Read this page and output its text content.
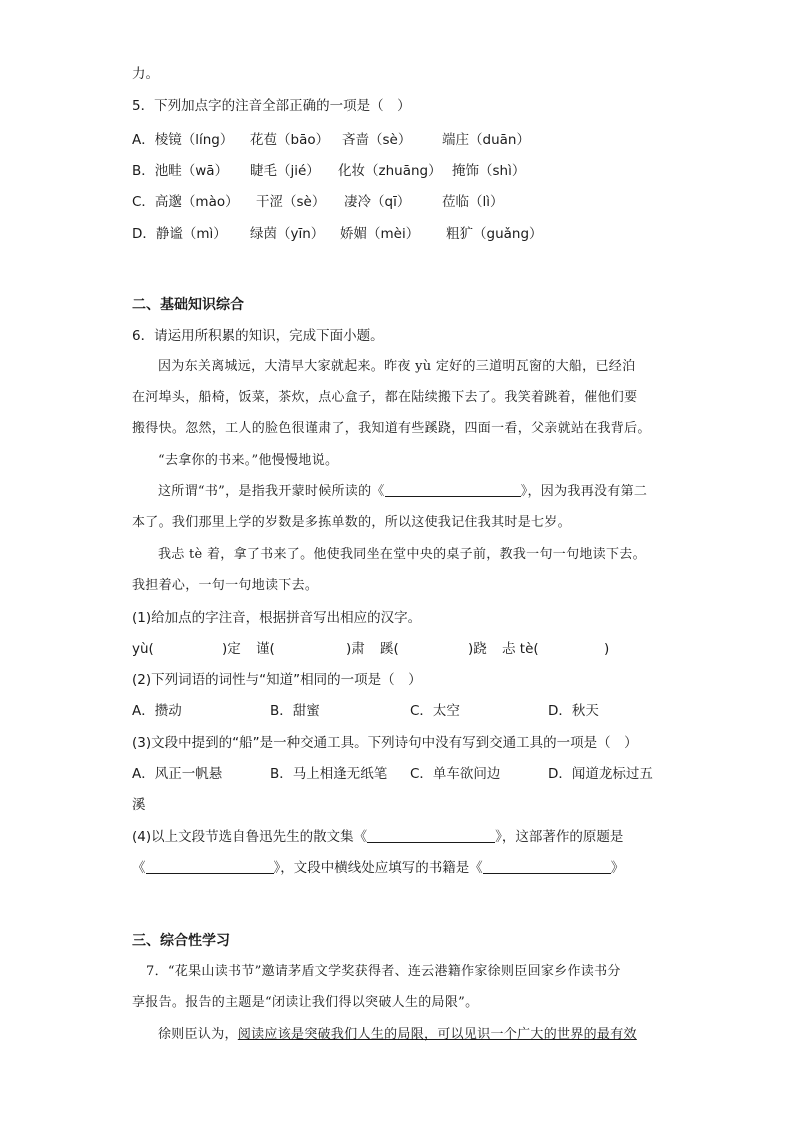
力。
5．下列加点字的注音全部正确的一项是（　）
A．棱镜（líng） 花苞（bāo） 吝啬（sè） 端庄（duān）
B．池畦（wā） 睫毛（jié） 化妆（zhuāng） 掩饰（shì）
C．高邈（mào） 干涩（sè） 凄冷（qī） 莅临（lì）
D．静谧（mì） 绿茵（yīn） 娇媚（mèi） 粗犷（guǎng）
二、基础知识综合
6．请运用所积累的知识，完成下面小题。
因为东关离城远，大清早大家就起来。昨夜 yù 定好的三道明瓦窗的大船，已经泊
在河埠头，船椅，饭菜，茶炊，点心盒子，都在陆续搬下去了。我笑着跳着，催他们要
搬得快。忽然，工人的脸色很谨肃了，我知道有些蹊跷，四面一看，父亲就站在我背后。
“去拿你的书来。”他慢慢地说。
这所谓“书”，是指我开蒙时候所读的《	》，因为我再没有第二
本了。我们那里上学的岁数是多拣单数的，所以这使我记住我其时是七岁。
我忐 tè 着，拿了书来了。他使我同坐在堂中央的桌子前，教我一句一句地读下去。
我担着心，一句一句地读下去。
(1)给加点的字注音，根据拼音写出相应的汉字。
yù(	)定 谨(	)肃 蹊(	)跷 忐 tè(	)
(2)下列词语的词性与“知道”相同的一项是（　）
A．攒动	B．甜蜜	C．太空	D．秋天
(3)文段中提到的“船”是一种交通工具。下列诗句中没有写到交通工具的一项是（　）
A．风正一帆悬	B．马上相逢无纸笔 C．单车欲问边	D．闻道龙标过五
溪
(4)以上文段节选自鲁迅先生的散文集《	》，这部著作的原题是
《	》，文段中横线处应填写的书籍是《	》
三、综合性学习
7．“花果山读书节”邀请茅盾文学奖获得者、连云港籍作家徐则臣回家乡作读书分
享报告。报告的主题是“闭读让我们得以突破人生的局限”。
徐则臣认为，阅读应该是突破我们人生的局限，可以见识一个广大的世界的最有效
